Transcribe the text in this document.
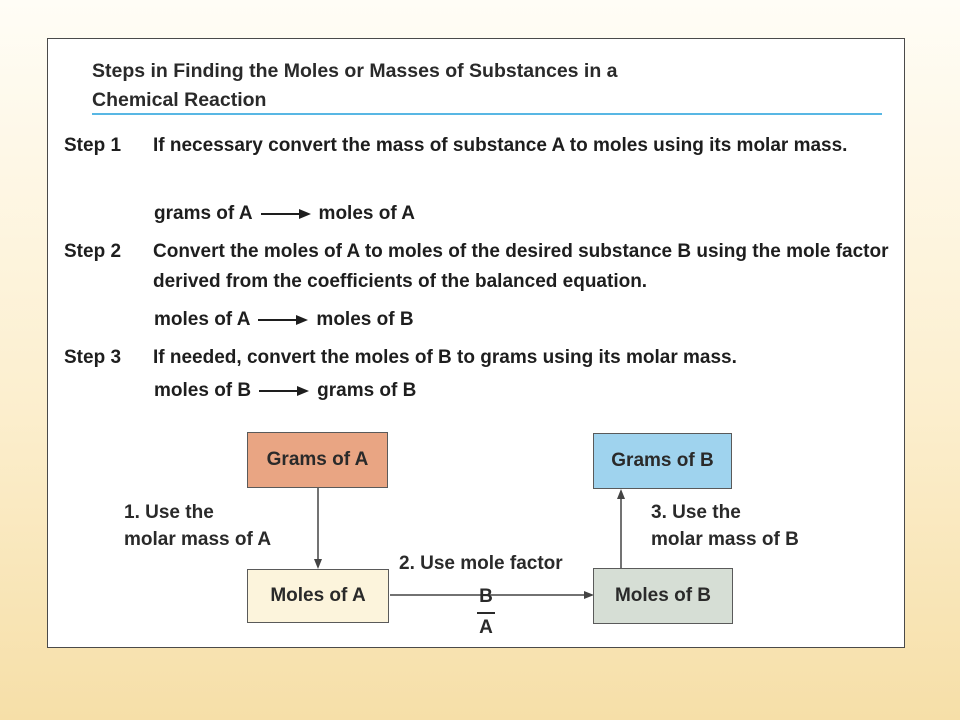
Steps in Finding the Moles or Masses of Substances in a
Chemical Reaction
Step 1 If necessary convert the mass of substance A to moles using its molar mass.
grams of A	moles of A
Step 2 Convert the moles of A to moles of the desired substance B using the mole factor derived from the coefficients of the balanced equation.
moles of A	moles of B
Step 3 If needed, convert the moles of B to grams using its molar mass.
moles of B	grams of B
Grams of A	Grams of B
Moles of A	Moles of B
1. Use the
molar mass of A
2. Use mole factor
3. Use the
molar mass of B
B
A
